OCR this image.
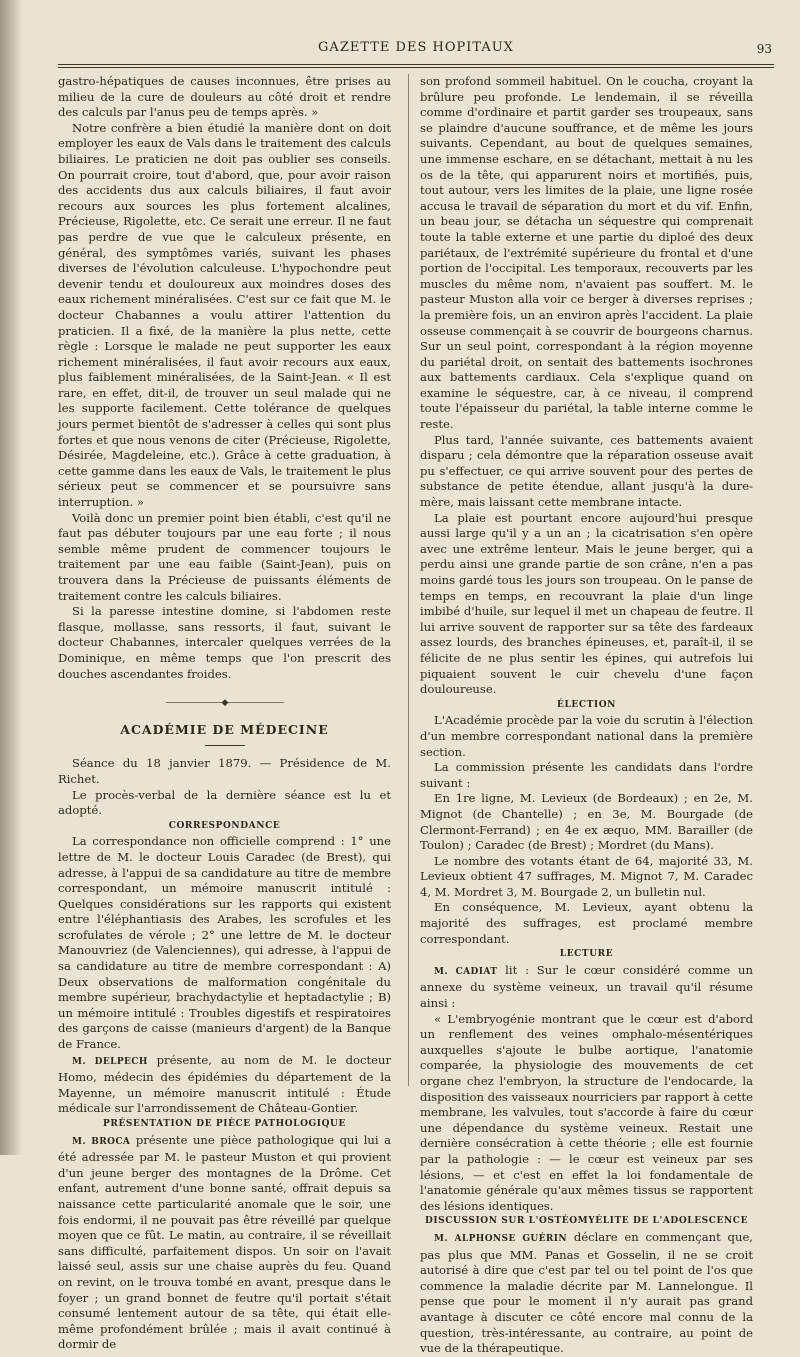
GAZETTE DES HOPITAUX	93

gastro-hépatiques de causes inconnues, être prises au milieu de la cure de douleurs au côté droit et rendre des calculs par l'anus peu de temps après. »

Notre confrère a bien étudié la manière dont on doit employer les eaux de Vals dans le traitement des calculs biliaires. Le praticien ne doit pas oublier ses conseils. On pourrait croire, tout d'abord, que, pour avoir raison des accidents dus aux calculs biliaires, il faut avoir recours aux sources les plus fortement alcalines, Précieuse, Rigolette, etc. Ce serait une erreur. Il ne faut pas perdre de vue que le calculeux présente, en général, des symptômes variés, suivant les phases diverses de l'évolution calculeuse. L'hypochondre peut devenir tendu et douloureux aux moindres doses des eaux richement minéralisées. C'est sur ce fait que M. le docteur Chabannes a voulu attirer l'attention du praticien. Il a fixé, de la manière la plus nette, cette règle : Lorsque le malade ne peut supporter les eaux richement minéralisées, il faut avoir recours aux eaux, plus faiblement minéralisées, de la Saint-Jean. « Il est rare, en effet, dit-il, de trouver un seul malade qui ne les supporte facilement. Cette tolérance de quelques jours permet bientôt de s'adresser à celles qui sont plus fortes et que nous venons de citer (Précieuse, Rigolette, Désirée, Magdeleine, etc.). Grâce à cette graduation, à cette gamme dans les eaux de Vals, le traitement le plus sérieux peut se commencer et se poursuivre sans interruption. »

Voilà donc un premier point bien établi, c'est qu'il ne faut pas débuter toujours par une eau forte ; il nous semble même prudent de commencer toujours le traitement par une eau faible (Saint-Jean), puis on trouvera dans la Précieuse de puissants éléments de traitement contre les calculs biliaires.

Si la paresse intestine domine, si l'abdomen reste flasque, mollasse, sans ressorts, il faut, suivant le docteur Chabannes, intercaler quelques verrées de la Dominique, en même temps que l'on prescrit des douches ascendantes froides.

———————◆———————
ACADÉMIE DE MÉDECINE

Séance du 18 janvier 1879. — Présidence de M. Richet.

Le procès-verbal de la dernière séance est lu et adopté.

CORRESPONDANCE

La correspondance non officielle comprend : 1° une lettre de M. le docteur Louis Caradec (de Brest), qui adresse, à l'appui de sa candidature au titre de membre correspondant, un mémoire manuscrit intitulé : Quelques considérations sur les rapports qui existent entre l'éléphantiasis des Arabes, les scrofules et les scrofulates de vérole ; 2° une lettre de M. le docteur Manouvriez (de Valenciennes), qui adresse, à l'appui de sa candidature au titre de membre correspondant : A) Deux observations de malformation congénitale du membre supérieur, brachydactylie et heptadactylie ; B) un mémoire intitulé : Troubles digestifs et respiratoires des garçons de caisse (manieurs d'argent) de la Banque de France.

M. DELPECH présente, au nom de M. le docteur Homo, médecin des épidémies du département de la Mayenne, un mémoire manuscrit intitulé : Étude médicale sur l'arrondissement de Château-Gontier.

PRÉSENTATION DE PIÈCE PATHOLOGIQUE

M. BROCA présente une pièce pathologique qui lui a été adressée par M. le pasteur Muston et qui provient d'un jeune berger des montagnes de la Drôme. Cet enfant, autrement d'une bonne santé, offrait depuis sa naissance cette particularité anomale que le soir, une fois endormi, il ne pouvait pas être réveillé par quelque moyen que ce fût. Le matin, au contraire, il se réveillait sans difficulté, parfaitement dispos. Un soir on l'avait laissé seul, assis sur une chaise auprès du feu. Quand on revint, on le trouva tombé en avant, presque dans le foyer ; un grand bonnet de feutre qu'il portait s'était consumé lentement autour de sa tête, qui était elle-même profondément brûlée ; mais il avait continué à dormir de

son profond sommeil habituel. On le coucha, croyant la brûlure peu profonde. Le lendemain, il se réveilla comme d'ordinaire et partit garder ses troupeaux, sans se plaindre d'aucune souffrance, et de même les jours suivants. Cependant, au bout de quelques semaines, une immense eschare, en se détachant, mettait à nu les os de la tête, qui apparurent noirs et mortifiés, puis, tout autour, vers les limites de la plaie, une ligne rosée accusa le travail de séparation du mort et du vif. Enfin, un beau jour, se détacha un séquestre qui comprenait toute la table externe et une partie du diploé des deux pariétaux, de l'extrémité supérieure du frontal et d'une portion de l'occipital. Les temporaux, recouverts par les muscles du même nom, n'avaient pas souffert. M. le pasteur Muston alla voir ce berger à diverses reprises ; la première fois, un an environ après l'accident. La plaie osseuse commençait à se couvrir de bourgeons charnus. Sur un seul point, correspondant à la région moyenne du pariétal droit, on sentait des battements isochrones aux battements cardiaux. Cela s'explique quand on examine le séquestre, car, à ce niveau, il comprend toute l'épaisseur du pariétal, la table interne comme le reste.

Plus tard, l'année suivante, ces battements avaient disparu ; cela démontre que la réparation osseuse avait pu s'effectuer, ce qui arrive souvent pour des pertes de substance de petite étendue, allant jusqu'à la dure-mère, mais laissant cette membrane intacte.

La plaie est pourtant encore aujourd'hui presque aussi large qu'il y a un an ; la cicatrisation s'en opère avec une extrême lenteur. Mais le jeune berger, qui a perdu ainsi une grande partie de son crâne, n'en a pas moins gardé tous les jours son troupeau. On le panse de temps en temps, en recouvrant la plaie d'un linge imbibé d'huile, sur lequel il met un chapeau de feutre. Il lui arrive souvent de rapporter sur sa tête des fardeaux assez lourds, des branches épineuses, et, paraît-il, il se félicite de ne plus sentir les épines, qui autrefois lui piquaient souvent le cuir chevelu d'une façon douloureuse.

ÉLECTION

L'Académie procède par la voie du scrutin à l'élection d'un membre correspondant national dans la première section.

La commission présente les candidats dans l'ordre suivant :

En 1re ligne, M. Levieux (de Bordeaux) ; en 2e, M. Mignot (de Chantelle) ; en 3e, M. Bourgade (de Clermont-Ferrand) ; en 4e ex æquo, MM. Barailler (de Toulon) ; Caradec (de Brest) ; Mordret (du Mans).

Le nombre des votants étant de 64, majorité 33, M. Levieux obtient 47 suffrages, M. Mignot 7, M. Caradec 4, M. Mordret 3, M. Bourgade 2, un bulletin nul.

En conséquence, M. Levieux, ayant obtenu la majorité des suffrages, est proclamé membre correspondant.

LECTURE

M. CADIAT lit : Sur le cœur considéré comme un annexe du système veineux, un travail qu'il résume ainsi :

« L'embryogénie montrant que le cœur est d'abord un renflement des veines omphalo-mésentériques auxquelles s'ajoute le bulbe aortique, l'anatomie comparée, la physiologie des mouvements de cet organe chez l'embryon, la structure de l'endocarde, la disposition des vaisseaux nourriciers par rapport à cette membrane, les valvules, tout s'accorde à faire du cœur une dépendance du système veineux. Restait une dernière consécration à cette théorie ; elle est fournie par la pathologie : — le cœur est veineux par ses lésions, — et c'est en effet la loi fondamentale de l'anatomie générale qu'aux mêmes tissus se rapportent des lésions identiques.

DISCUSSION SUR L'OSTÉOMYÉLITE DE L'ADOLESCENCE

M. ALPHONSE GUÉRIN déclare en commençant que, pas plus que MM. Panas et Gosselin, il ne se croit autorisé à dire que c'est par tel ou tel point de l'os que commence la maladie décrite par M. Lannelongue. Il pense que pour le moment il n'y aurait pas grand avantage à discuter ce côté encore mal connu de la question, très-intéressante, au contraire, au point de vue de la thérapeutique.
